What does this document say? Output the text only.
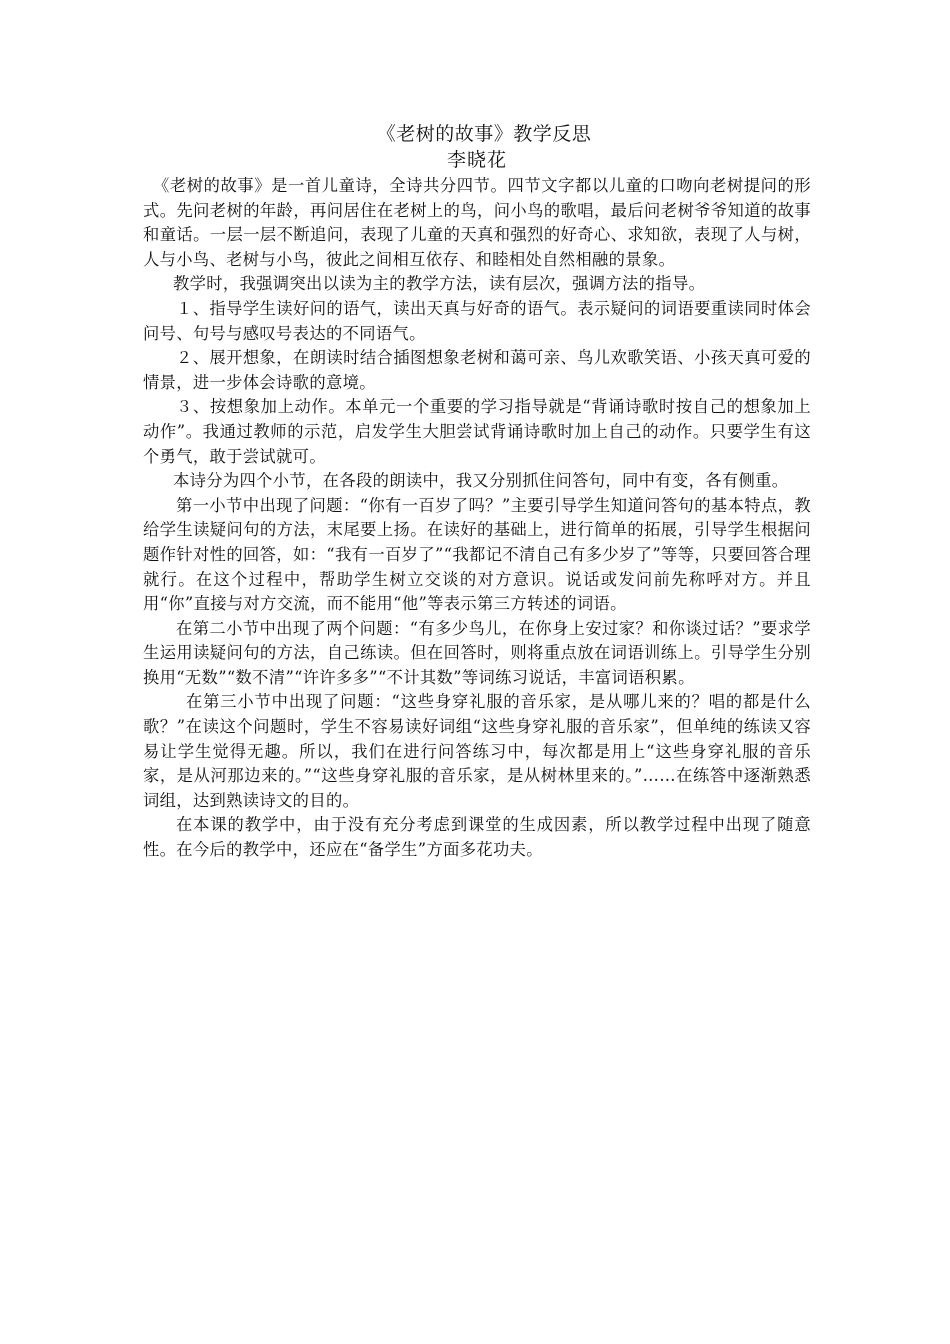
《老树的故事》教学反思
李晓花

《老树的故事》是一首儿童诗，全诗共分四节。四节文字都以儿童的口吻向老树提问的形式。先问老树的年龄，再问居住在老树上的鸟，问小鸟的歌唱，最后问老树爷爷知道的故事和童话。一层一层不断追问，表现了儿童的天真和强烈的好奇心、求知欲，表现了人与树，人与小鸟、老树与小鸟，彼此之间相互依存、和睦相处自然相融的景象。

教学时，我强调突出以读为主的教学方法，读有层次，强调方法的指导。

１、指导学生读好问的语气，读出天真与好奇的语气。表示疑问的词语要重读同时体会问号、句号与感叹号表达的不同语气。

２、展开想象，在朗读时结合插图想象老树和蔼可亲、鸟儿欢歌笑语、小孩天真可爱的情景，进一步体会诗歌的意境。

３、按想象加上动作。本单元一个重要的学习指导就是“背诵诗歌时按自己的想象加上动作”。我通过教师的示范，启发学生大胆尝试背诵诗歌时加上自己的动作。只要学生有这个勇气，敢于尝试就可。

本诗分为四个小节，在各段的朗读中，我又分别抓住问答句，同中有变，各有侧重。

第一小节中出现了问题：“你有一百岁了吗？”主要引导学生知道问答句的基本特点，教给学生读疑问句的方法，末尾要上扬。在读好的基础上，进行简单的拓展，引导学生根据问题作针对性的回答，如：“我有一百岁了”“我都记不清自己有多少岁了”等等，只要回答合理就行。在这个过程中，帮助学生树立交谈的对方意识。说话或发问前先称呼对方。并且用“你”直接与对方交流，而不能用“他”等表示第三方转述的词语。

在第二小节中出现了两个问题：“有多少鸟儿，在你身上安过家？和你谈过话？”要求学生运用读疑问句的方法，自己练读。但在回答时，则将重点放在词语训练上。引导学生分别换用“无数”“数不清”“许许多多”“不计其数”等词练习说话，丰富词语积累。

在第三小节中出现了问题：“这些身穿礼服的音乐家，是从哪儿来的？唱的都是什么歌？”在读这个问题时，学生不容易读好词组“这些身穿礼服的音乐家”，但单纯的练读又容易让学生觉得无趣。所以，我们在进行问答练习中，每次都是用上“这些身穿礼服的音乐家，是从河那边来的。”“这些身穿礼服的音乐家，是从树林里来的。”……在练答中逐渐熟悉词组，达到熟读诗文的目的。

在本课的教学中，由于没有充分考虑到课堂的生成因素，所以教学过程中出现了随意性。在今后的教学中，还应在“备学生”方面多花功夫。
